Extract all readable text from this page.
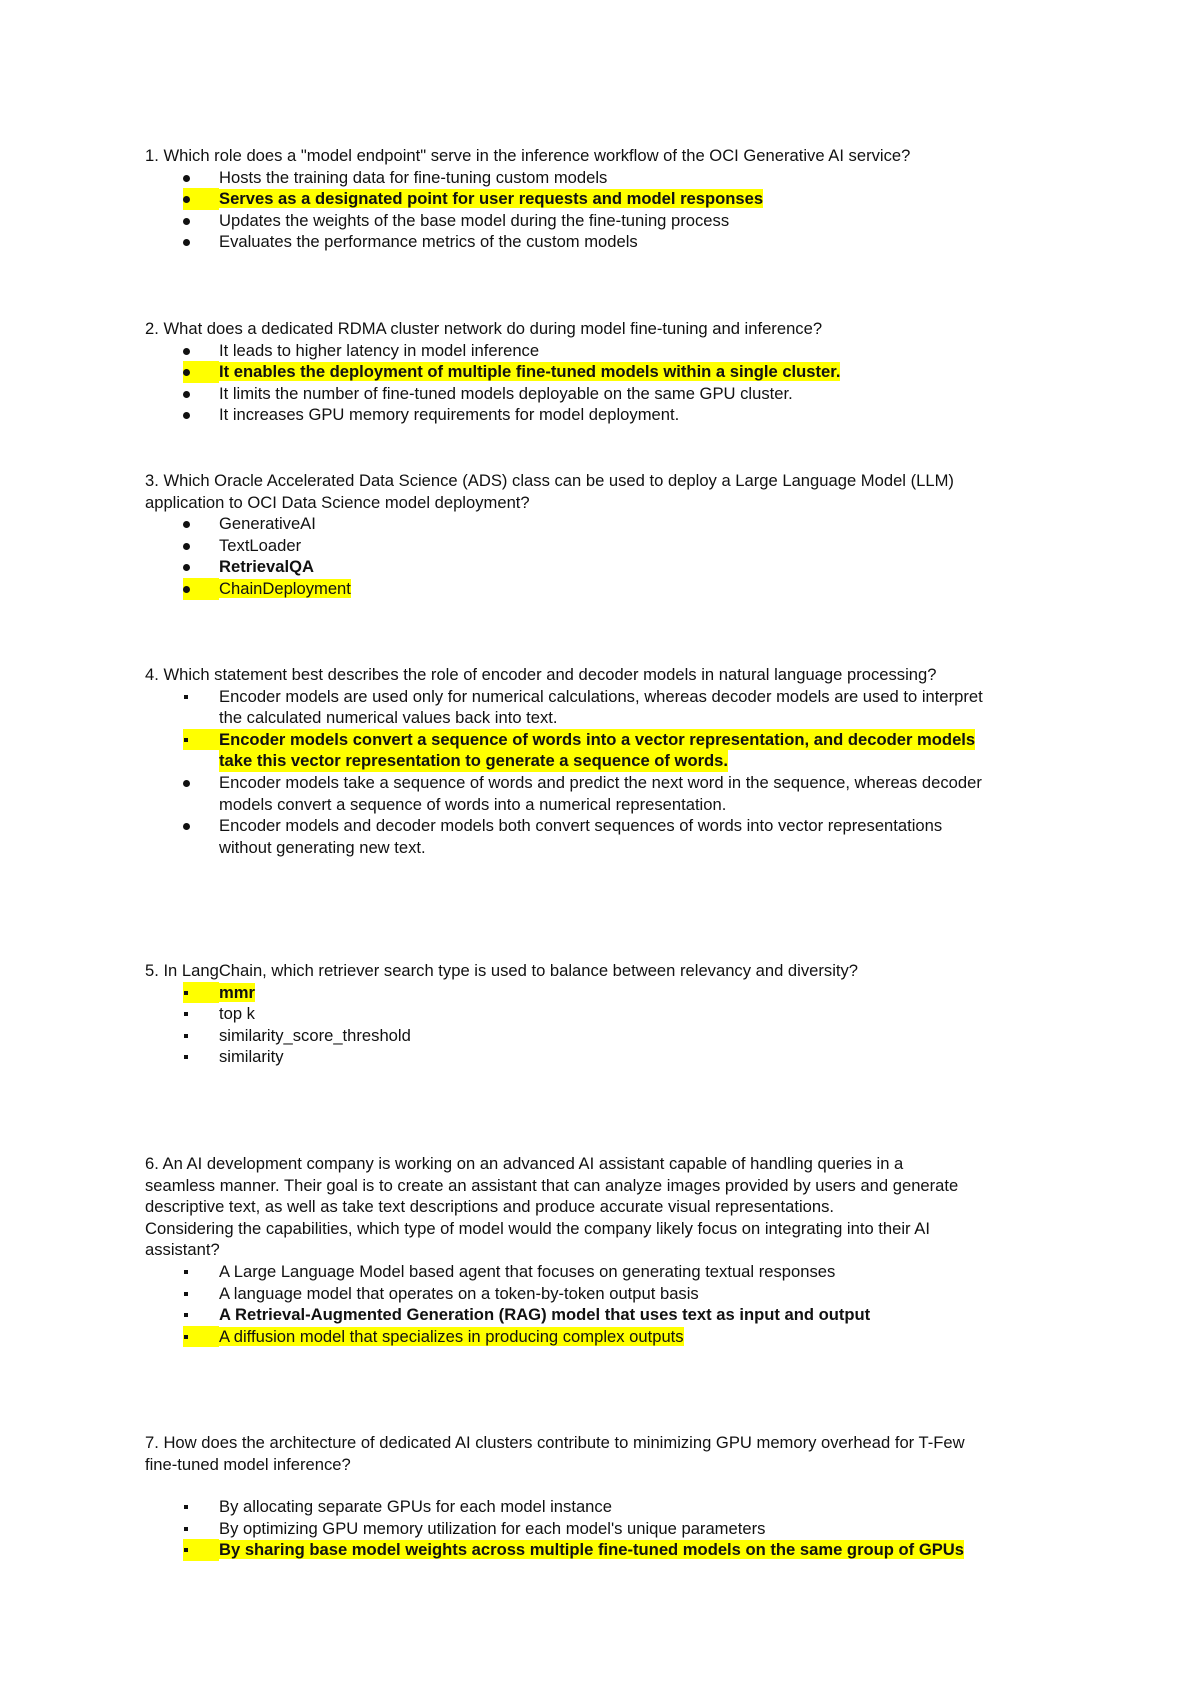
1. Which role does a "model endpoint" serve in the inference workflow of the OCI Generative AI service?

Hosts the training data for fine-tuning custom models
Serves as a designated point for user requests and model responses
Updates the weights of the base model during the fine-tuning process
Evaluates the performance metrics of the custom models

2. What does a dedicated RDMA cluster network do during model fine-tuning and inference?

It leads to higher latency in model inference
It enables the deployment of multiple fine-tuned models within a single cluster.
It limits the number of fine-tuned models deployable on the same GPU cluster.
It increases GPU memory requirements for model deployment.

3. Which Oracle Accelerated Data Science (ADS) class can be used to deploy a Large Language Model (LLM)
application to OCI Data Science model deployment?

GenerativeAI
TextLoader
RetrievalQA
ChainDeployment

4. Which statement best describes the role of encoder and decoder models in natural language processing?

Encoder models are used only for numerical calculations, whereas decoder models are used to interpret
the calculated numerical values back into text.
Encoder models convert a sequence of words into a vector representation, and decoder models
take this vector representation to generate a sequence of words.
Encoder models take a sequence of words and predict the next word in the sequence, whereas decoder
models convert a sequence of words into a numerical representation.
Encoder models and decoder models both convert sequences of words into vector representations
without generating new text.

5. In LangChain, which retriever search type is used to balance between relevancy and diversity?

mmr
top k
similarity_score_threshold
similarity

6. An AI development company is working on an advanced AI assistant capable of handling queries in a
seamless manner. Their goal is to create an assistant that can analyze images provided by users and generate
descriptive text, as well as take text descriptions and produce accurate visual representations.
Considering the capabilities, which type of model would the company likely focus on integrating into their AI
assistant?

A Large Language Model based agent that focuses on generating textual responses
A language model that operates on a token-by-token output basis
A Retrieval-Augmented Generation (RAG) model that uses text as input and output
A diffusion model that specializes in producing complex outputs

7. How does the architecture of dedicated AI clusters contribute to minimizing GPU memory overhead for T-Few
fine-tuned model inference?

By allocating separate GPUs for each model instance
By optimizing GPU memory utilization for each model's unique parameters
By sharing base model weights across multiple fine-tuned models on the same group of GPUs
